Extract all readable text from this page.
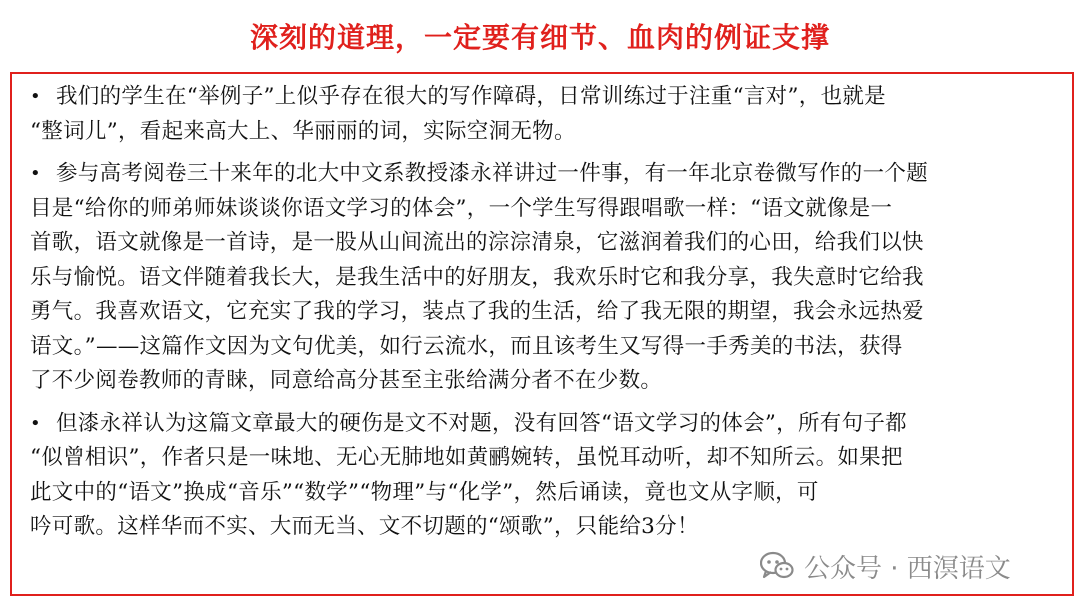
深刻的道理，一定要有细节、血肉的例证支撑
• 我们的学生在“举例子”上似乎存在很大的写作障碍，日常训练过于注重“言对”，也就是
“整词儿”，看起来高大上、华丽丽的词，实际空洞无物。
• 参与高考阅卷三十来年的北大中文系教授漆永祥讲过一件事，有一年北京卷微写作的一个题
目是“给你的师弟师妹谈谈你语文学习的体会”，一个学生写得跟唱歌一样：“语文就像是一
首歌，语文就像是一首诗，是一股从山间流出的淙淙清泉，它滋润着我们的心田，给我们以快
乐与愉悦。语文伴随着我长大，是我生活中的好朋友，我欢乐时它和我分享，我失意时它给我
勇气。我喜欢语文，它充实了我的学习，装点了我的生活，给了我无限的期望，我会永远热爱
语文。”——这篇作文因为文句优美，如行云流水，而且该考生又写得一手秀美的书法，获得
了不少阅卷教师的青睐，同意给高分甚至主张给满分者不在少数。
• 但漆永祥认为这篇文章最大的硬伤是文不对题，没有回答“语文学习的体会”，所有句子都
“似曾相识”，作者只是一味地、无心无肺地如黄鹂婉转，虽悦耳动听，却不知所云。如果把
此文中的“语文”换成“音乐”“数学”“物理”与“化学”，然后诵读，竟也文从字顺，可
吟可歌。这样华而不实、大而无当、文不切题的“颂歌”，只能给3分！
公众号 · 西溟语文
